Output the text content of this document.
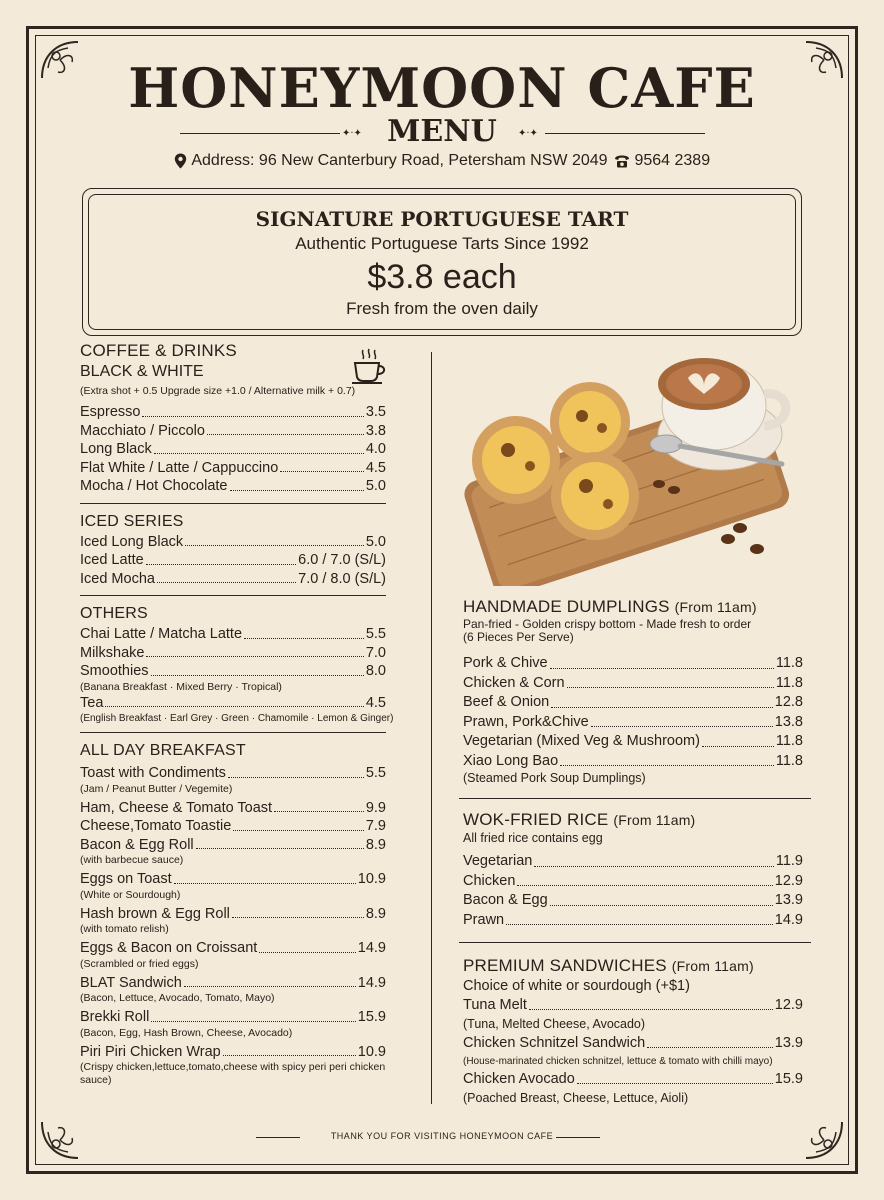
HONEYMOON CAFE
✦·✦	✦·✦
MENU
Address: 96 New Canterbury Road, Petersham NSW 2049 9564 2389
SIGNATURE PORTUGUESE TART
Authentic Portuguese Tarts Since 1992
$3.8 each
Fresh from the oven daily
COFFEE & DRINKS
BLACK & WHITE
(Extra shot + 0.5 Upgrade size +1.0 / Alternative milk + 0.7)
Espresso	3.5
Macchiato / Piccolo	3.8
Long Black	4.0
Flat White / Latte / Cappuccino	4.5
Mocha / Hot Chocolate	5.0
ICED SERIES
Iced Long Black	5.0
Iced Latte	6.0 / 7.0 (S/L)
Iced Mocha	7.0 / 8.0 (S/L)
OTHERS
Chai Latte / Matcha Latte	5.5
Milkshake	7.0
Smoothies	8.0
(Banana Breakfast · Mixed Berry · Tropical)
Tea	4.5
(English Breakfast · Earl Grey · Green · Chamomile · Lemon & Ginger)
ALL DAY BREAKFAST
Toast with Condiments	5.5
(Jam / Peanut Butter / Vegemite)
Ham, Cheese & Tomato Toast	9.9
Cheese,Tomato Toastie	7.9
Bacon & Egg Roll	8.9
(with barbecue sauce)
Eggs on Toast	10.9
(White or Sourdough)
Hash brown & Egg Roll	8.9
(with tomato relish)
Eggs & Bacon on Croissant	14.9
(Scrambled or fried eggs)
BLAT Sandwich	14.9
(Bacon, Lettuce, Avocado, Tomato, Mayo)
Brekki Roll	15.9
(Bacon, Egg, Hash Brown, Cheese, Avocado)
Piri Piri Chicken Wrap	10.9
(Crispy chicken,lettuce,tomato,cheese with spicy peri peri chicken sauce)
HANDMADE DUMPLINGS (From 11am)
Pan-fried - Golden crispy bottom - Made fresh to order
(6 Pieces Per Serve)
Pork & Chive	11.8
Chicken & Corn	11.8
Beef & Onion	12.8
Prawn, Pork&Chive	13.8
Vegetarian (Mixed Veg & Mushroom)	11.8
Xiao Long Bao	11.8
(Steamed Pork Soup Dumplings)
WOK-FRIED RICE (From 11am)
All fried rice contains egg
Vegetarian	11.9
Chicken	12.9
Bacon & Egg	13.9
Prawn	14.9
PREMIUM SANDWICHES (From 11am)
Choice of white or sourdough (+$1)
Tuna Melt	12.9
(Tuna, Melted Cheese, Avocado)
Chicken Schnitzel Sandwich	13.9
(House-marinated chicken schnitzel, lettuce & tomato with chilli mayo)
Chicken Avocado	15.9
(Poached Breast, Cheese, Lettuce, Aioli)
THANK YOU FOR VISITING HONEYMOON CAFE
